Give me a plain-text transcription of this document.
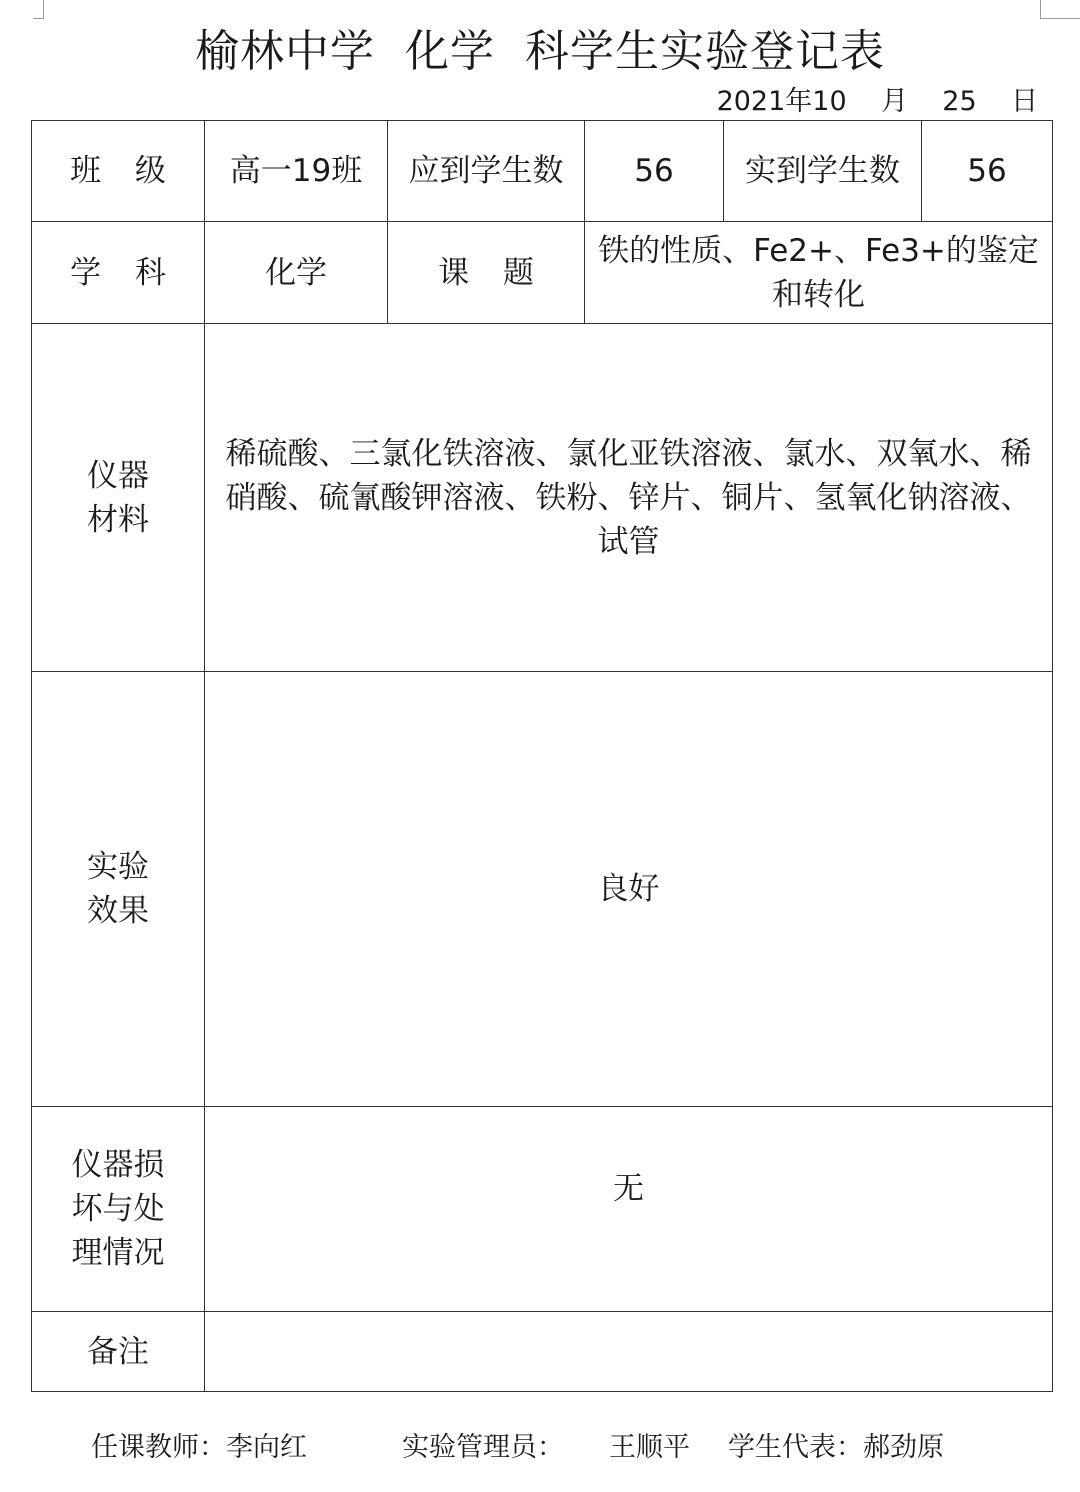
榆林中学  化学  科学生实验登记表
2021年10    月    25    日
班 级	高一19班	应到学生数	56	实到学生数	56

学 科	化学	课 题	铁的性质、Fe2+、Fe3+的鉴定和转化		

仪器材料	稀硫酸、三氯化铁溶液、氯化亚铁溶液、氯水、双氧水、稀硝酸、硫氰酸钾溶液、铁粉、锌片、铜片、氢氧化钠溶液、试管				

实验效果	良好				

仪器损坏与处理情况	无				

备注					

任课教师：李向红	实验管理员： 王顺平 学生代表：郝劲原
